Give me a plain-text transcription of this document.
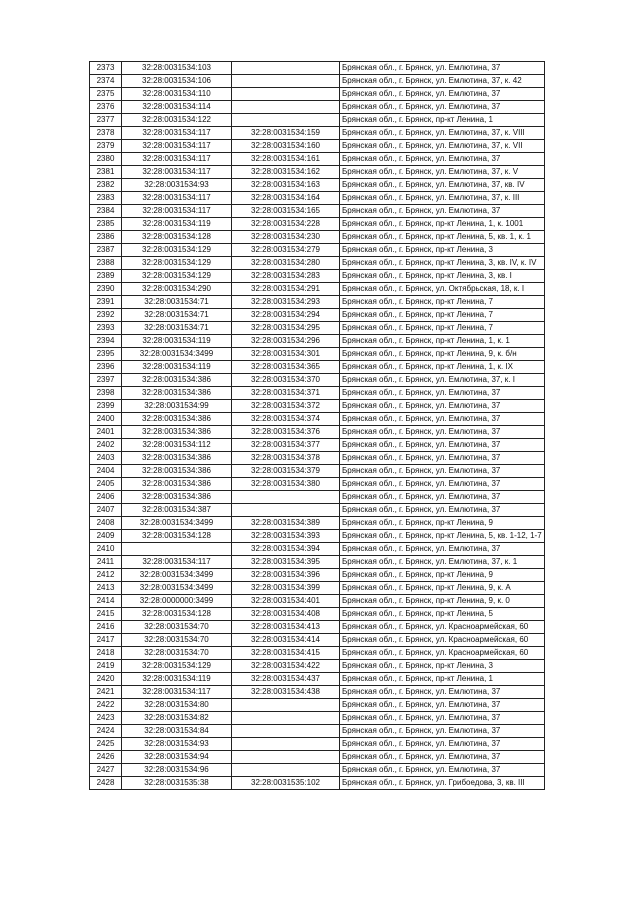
2373	32:28:0031534:103		Брянская обл., г. Брянск, ул. Емлютина, 37
2374	32:28:0031534:106		Брянская обл., г. Брянск, ул. Емлютина, 37, к. 42
2375	32:28:0031534:110		Брянская обл., г. Брянск, ул. Емлютина, 37
2376	32:28:0031534:114		Брянская обл., г. Брянск, ул. Емлютина, 37
2377	32:28:0031534:122		Брянская обл., г. Брянск, пр-кт Ленина, 1
2378	32:28:0031534:117	32:28:0031534:159	Брянская обл., г. Брянск, ул. Емлютина, 37, к. VIII
2379	32:28:0031534:117	32:28:0031534:160	Брянская обл., г. Брянск, ул. Емлютина, 37, к. VII
2380	32:28:0031534:117	32:28:0031534:161	Брянская обл., г. Брянск, ул. Емлютина, 37
2381	32:28:0031534:117	32:28:0031534:162	Брянская обл., г. Брянск, ул. Емлютина, 37, к. V
2382	32:28:0031534:93	32:28:0031534:163	Брянская обл., г. Брянск, ул. Емлютина, 37, кв. IV
2383	32:28:0031534:117	32:28:0031534:164	Брянская обл., г. Брянск, ул. Емлютина, 37, к. III
2384	32:28:0031534:117	32:28:0031534:165	Брянская обл., г. Брянск, ул. Емлютина, 37
2385	32:28:0031534:119	32:28:0031534:228	Брянская обл., г. Брянск, пр-кт Ленина, 1, к. 1001
2386	32:28:0031534:128	32:28:0031534:230	Брянская обл., г. Брянск, пр-кт Ленина, 5, кв. 1, к. 1
2387	32:28:0031534:129	32:28:0031534:279	Брянская обл., г. Брянск, пр-кт Ленина, 3
2388	32:28:0031534:129	32:28:0031534:280	Брянская обл., г. Брянск, пр-кт Ленина, 3, кв. IV, к. IV
2389	32:28:0031534:129	32:28:0031534:283	Брянская обл., г. Брянск, пр-кт Ленина, 3, кв. I
2390	32:28:0031534:290	32:28:0031534:291	Брянская обл., г. Брянск, ул. Октябрьская, 18, к. I
2391	32:28:0031534:71	32:28:0031534:293	Брянская обл., г. Брянск, пр-кт Ленина, 7
2392	32:28:0031534:71	32:28:0031534:294	Брянская обл., г. Брянск, пр-кт Ленина, 7
2393	32:28:0031534:71	32:28:0031534:295	Брянская обл., г. Брянск, пр-кт Ленина, 7
2394	32:28:0031534:119	32:28:0031534:296	Брянская обл., г. Брянск, пр-кт Ленина, 1, к. 1
2395	32:28:0031534:3499	32:28:0031534:301	Брянская обл., г. Брянск, пр-кт Ленина, 9, к. б/н
2396	32:28:0031534:119	32:28:0031534:365	Брянская обл., г. Брянск, пр-кт Ленина, 1, к. IX
2397	32:28:0031534:386	32:28:0031534:370	Брянская обл., г. Брянск, ул. Емлютина, 37, к. I
2398	32:28:0031534:386	32:28:0031534:371	Брянская обл., г. Брянск, ул. Емлютина, 37
2399	32:28:0031534:99	32:28:0031534:372	Брянская обл., г. Брянск, ул. Емлютина, 37
2400	32:28:0031534:386	32:28:0031534:374	Брянская обл., г. Брянск, ул. Емлютина, 37
2401	32:28:0031534:386	32:28:0031534:376	Брянская обл., г. Брянск, ул. Емлютина, 37
2402	32:28:0031534:112	32:28:0031534:377	Брянская обл., г. Брянск, ул. Емлютина, 37
2403	32:28:0031534:386	32:28:0031534:378	Брянская обл., г. Брянск, ул. Емлютина, 37
2404	32:28:0031534:386	32:28:0031534:379	Брянская обл., г. Брянск, ул. Емлютина, 37
2405	32:28:0031534:386	32:28:0031534:380	Брянская обл., г. Брянск, ул. Емлютина, 37
2406	32:28:0031534:386		Брянская обл., г. Брянск, ул. Емлютина, 37
2407	32:28:0031534:387		Брянская обл., г. Брянск, ул. Емлютина, 37
2408	32:28:0031534:3499	32:28:0031534:389	Брянская обл., г. Брянск, пр-кт Ленина, 9
2409	32:28:0031534:128	32:28:0031534:393	Брянская обл., г. Брянск, пр-кт Ленина, 5, кв. 1-12, 1-7
2410		32:28:0031534:394	Брянская обл., г. Брянск, ул. Емлютина, 37
2411	32:28:0031534:117	32:28:0031534:395	Брянская обл., г. Брянск, ул. Емлютина, 37, к. 1
2412	32:28:0031534:3499	32:28:0031534:396	Брянская обл., г. Брянск, пр-кт Ленина, 9
2413	32:28:0031534:3499	32:28:0031534:399	Брянская обл., г. Брянск, пр-кт Ленина, 9, к. А
2414	32:28:0000000:3499	32:28:0031534:401	Брянская обл., г. Брянск, пр-кт Ленина, 9, к. 0
2415	32:28:0031534:128	32:28:0031534:408	Брянская обл., г. Брянск, пр-кт Ленина, 5
2416	32:28:0031534:70	32:28:0031534:413	Брянская обл., г. Брянск, ул. Красноармейская, 60
2417	32:28:0031534:70	32:28:0031534:414	Брянская обл., г. Брянск, ул. Красноармейская, 60
2418	32:28:0031534:70	32:28:0031534:415	Брянская обл., г. Брянск, ул. Красноармейская, 60
2419	32:28:0031534:129	32:28:0031534:422	Брянская обл., г. Брянск, пр-кт Ленина, 3
2420	32:28:0031534:119	32:28:0031534:437	Брянская обл., г. Брянск, пр-кт Ленина, 1
2421	32:28:0031534:117	32:28:0031534:438	Брянская обл., г. Брянск, ул. Емлютина, 37
2422	32:28:0031534:80		Брянская обл., г. Брянск, ул. Емлютина, 37
2423	32:28:0031534:82		Брянская обл., г. Брянск, ул. Емлютина, 37
2424	32:28:0031534:84		Брянская обл., г. Брянск, ул. Емлютина, 37
2425	32:28:0031534:93		Брянская обл., г. Брянск, ул. Емлютина, 37
2426	32:28:0031534:94		Брянская обл., г. Брянск, ул. Емлютина, 37
2427	32:28:0031534:96		Брянская обл., г. Брянск, ул. Емлютина, 37
2428	32:28:0031535:38	32:28:0031535:102	Брянская обл., г. Брянск, ул. Грибоедова, 3, кв. III
